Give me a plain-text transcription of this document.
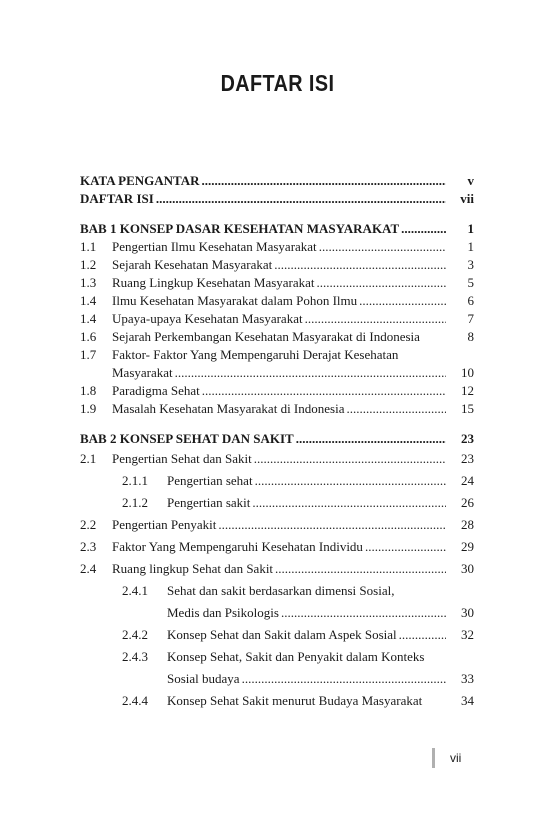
DAFTAR ISI
KATA PENGANTAR .....	v
DAFTAR ISI .....	vii
BAB 1 KONSEP DASAR KESEHATAN MASYARAKAT .....	1
1.1 Pengertian Ilmu Kesehatan Masyarakat .....	1
1.2 Sejarah Kesehatan Masyarakat .....	3
1.3 Ruang Lingkup Kesehatan Masyarakat .....	5
1.4 Ilmu Kesehatan Masyarakat dalam Pohon Ilmu .....	6
1.4 Upaya-upaya Kesehatan Masyarakat .....	7
1.6 Sejarah Perkembangan Kesehatan Masyarakat di Indonesia	8
1.7 Faktor- Faktor Yang Mempengaruhi Derajat Kesehatan
Masyarakat .....	10
1.8 Paradigma Sehat .....	12
1.9 Masalah Kesehatan Masyarakat di Indonesia .....	15
BAB 2 KONSEP SEHAT DAN SAKIT .....	23
2.1 Pengertian Sehat dan Sakit .....	23
2.1.1 Pengertian sehat .....	24
2.1.2 Pengertian sakit .....	26
2.2 Pengertian Penyakit .....	28
2.3 Faktor Yang Mempengaruhi Kesehatan Individu .....	29
2.4 Ruang lingkup Sehat dan Sakit .....	30
2.4.1 Sehat dan sakit berdasarkan dimensi Sosial,
Medis dan Psikologis .....	30
2.4.2 Konsep Sehat dan Sakit dalam Aspek Sosial .....	32
2.4.3 Konsep Sehat, Sakit dan Penyakit dalam Konteks
Sosial budaya .....	33
2.4.4 Konsep Sehat Sakit menurut Budaya Masyarakat	34
vii
